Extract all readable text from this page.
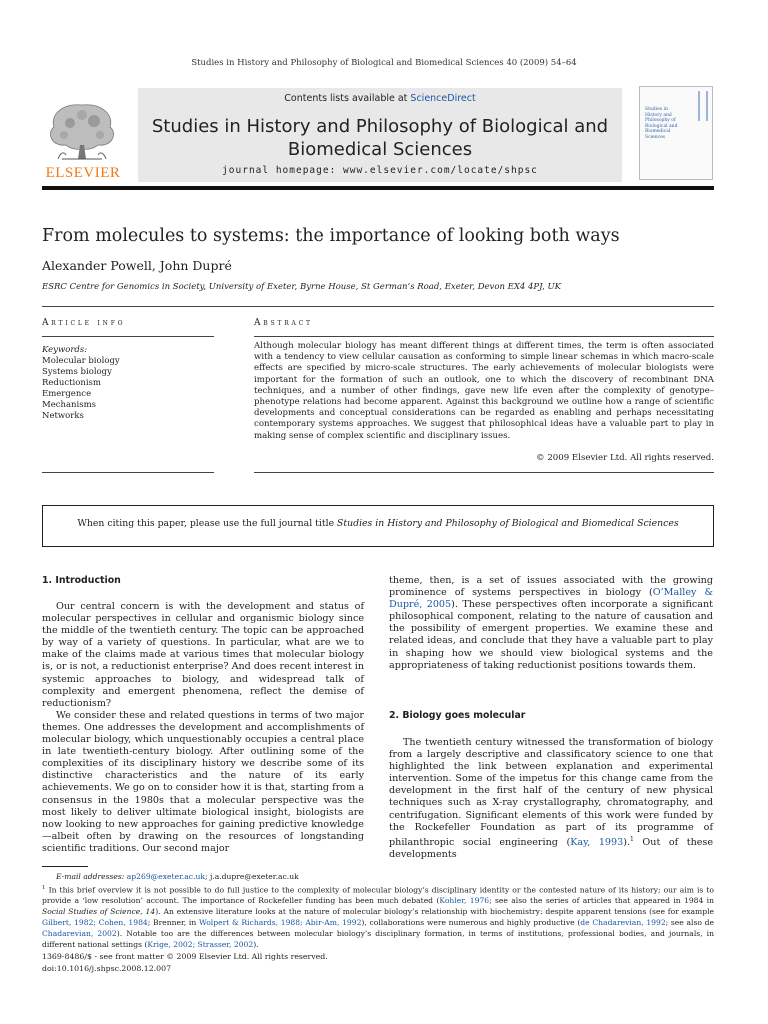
Studies in History and Philosophy of Biological and Biomedical Sciences 40 (2009) 54–64
ELSEVIER
Contents lists available at ScienceDirect
Studies in History and Philosophy of Biological and
Biomedical Sciences
journal homepage: www.elsevier.com/locate/shpsc
Studies in History and Philosophy of Biological and Biomedical Sciences
From molecules to systems: the importance of looking both ways
Alexander Powell, John Dupré
ESRC Centre for Genomics in Society, University of Exeter, Byrne House, St German’s Road, Exeter, Devon EX4 4PJ, UK
Article info	Abstract
Keywords:
Molecular biology
Systems biology
Reductionism
Emergence
Mechanisms
Networks
Although molecular biology has meant different things at different times, the term is often associated with a tendency to view cellular causation as conforming to simple linear schemas in which macro-scale effects are specified by micro-scale structures. The early achievements of molecular biologists were important for the formation of such an outlook, one to which the discovery of recombinant DNA techniques, and a number of other findings, gave new life even after the complexity of genotype–phenotype relations had become apparent. Against this background we outline how a range of scientific developments and conceptual considerations can be regarded as enabling and perhaps necessitating contemporary systems approaches. We suggest that philosophical ideas have a valuable part to play in making sense of complex scientific and disciplinary issues.
© 2009 Elsevier Ltd. All rights reserved.
When citing this paper, please use the full journal title Studies in History and Philosophy of Biological and Biomedical Sciences
1. Introduction

Our central concern is with the development and status of molecular perspectives in cellular and organismic biology since the middle of the twentieth century. The topic can be approached by way of a variety of questions. In particular, what are we to make of the claims made at various times that molecular biology is, or is not, a reductionist enterprise? And does recent interest in systemic approaches to biology, and widespread talk of complexity and emergent phenomena, reflect the demise of reductionism?

We consider these and related questions in terms of two major themes. One addresses the development and accomplishments of molecular biology, which unquestionably occupies a central place in late twentieth-century biology. After outlining some of the complexities of its disciplinary history we describe some of its distinctive characteristics and the nature of its early achievements. We go on to consider how it is that, starting from a consensus in the 1980s that a molecular perspective was the most likely to deliver ultimate biological insight, biologists are now looking to new approaches for gaining predictive knowledge—albeit often by drawing on the resources of longstanding scientific traditions. Our second major

theme, then, is a set of issues associated with the growing prominence of systems perspectives in biology (O’Malley & Dupré, 2005). These perspectives often incorporate a significant philosophical component, relating to the nature of causation and the possibility of emergent properties. We examine these and related ideas, and conclude that they have a valuable part to play in shaping how we should view biological systems and the appropriateness of taking reductionist positions towards them.

2. Biology goes molecular

The twentieth century witnessed the transformation of biology from a largely descriptive and classificatory science to one that highlighted the link between explanation and experimental intervention. Some of the impetus for this change came from the development in the first half of the century of new physical techniques such as X-ray crystallography, chromatography, and centrifugation. Significant elements of this work were funded by the Rockefeller Foundation as part of its programme of philanthropic social engineering (Kay, 1993).$^1$ Out of these developments

E-mail addresses: ap269@exeter.ac.uk; j.a.dupre@exeter.ac.uk
$^1$ In this brief overview it is not possible to do full justice to the complexity of molecular biology’s disciplinary identity or the contested nature of its history; our aim is to provide a ‘low resolution’ account. The importance of Rockefeller funding has been much debated (Kohler, 1976; see also the series of articles that appeared in 1984 in Social Studies of Science, 14). An extensive literature looks at the nature of molecular biology’s relationship with biochemistry: despite apparent tensions (see for example Gilbert, 1982; Cohen, 1984; Brenner, in Wolpert & Richards, 1988; Abir-Am, 1992), collaborations were numerous and highly productive (de Chadarevian, 1992; see also de Chadarevian, 2002). Notable too are the differences between molecular biology’s disciplinary formation, in terms of institutions, professional bodies, and journals, in different national settings (Krige, 2002; Strasser, 2002).
1369-8486/$ - see front matter © 2009 Elsevier Ltd. All rights reserved.
doi:10.1016/j.shpsc.2008.12.007
